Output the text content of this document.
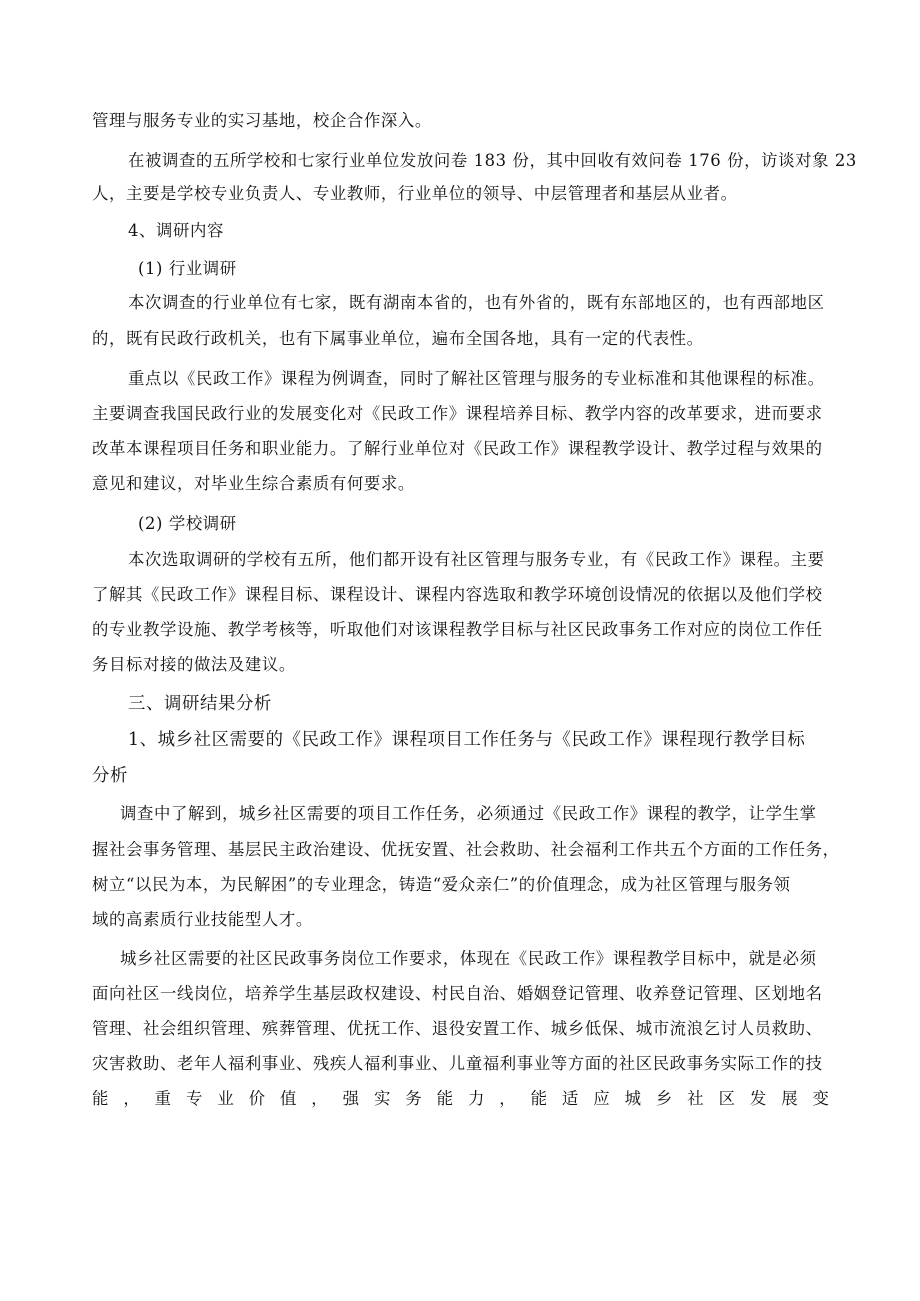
管理与服务专业的实习基地，校企合作深入。
在被调查的五所学校和七家行业单位发放问卷 183 份，其中回收有效问卷 176 份，访谈对象 23
人，主要是学校专业负责人、专业教师，行业单位的领导、中层管理者和基层从业者。
4、调研内容
(1) 行业调研
本次调查的行业单位有七家，既有湖南本省的，也有外省的，既有东部地区的，也有西部地区
的，既有民政行政机关，也有下属事业单位，遍布全国各地，具有一定的代表性。
重点以《民政工作》课程为例调查，同时了解社区管理与服务的专业标准和其他课程的标准。
主要调查我国民政行业的发展变化对《民政工作》课程培养目标、教学内容的改革要求，进而要求
改革本课程项目任务和职业能力。了解行业单位对《民政工作》课程教学设计、教学过程与效果的
意见和建议，对毕业生综合素质有何要求。
(2) 学校调研
本次选取调研的学校有五所，他们都开设有社区管理与服务专业，有《民政工作》课程。主要
了解其《民政工作》课程目标、课程设计、课程内容选取和教学环境创设情况的依据以及他们学校
的专业教学设施、教学考核等，听取他们对该课程教学目标与社区民政事务工作对应的岗位工作任
务目标对接的做法及建议。
三、调研结果分析
1、城乡社区需要的《民政工作》课程项目工作任务与《民政工作》课程现行教学目标
分析
调查中了解到，城乡社区需要的项目工作任务，必须通过《民政工作》课程的教学，让学生掌
握社会事务管理、基层民主政治建设、优抚安置、社会救助、社会福利工作共五个方面的工作任务，
树立“以民为本，为民解困”的专业理念，铸造“爱众亲仁”的价值理念，成为社区管理与服务领
域的高素质行业技能型人才。
城乡社区需要的社区民政事务岗位工作要求，体现在《民政工作》课程教学目标中，就是必须
面向社区一线岗位，培养学生基层政权建设、村民自治、婚姻登记管理、收养登记管理、区划地名
管理、社会组织管理、殡葬管理、优抚工作、退役安置工作、城乡低保、城市流浪乞讨人员救助、
灾害救助、老年人福利事业、残疾人福利事业、儿童福利事业等方面的社区民政事务实际工作的技
能 ， 重 专 业 价 值 ， 强 实 务 能 力 ， 能 适 应 城 乡 社 区 发 展 变
